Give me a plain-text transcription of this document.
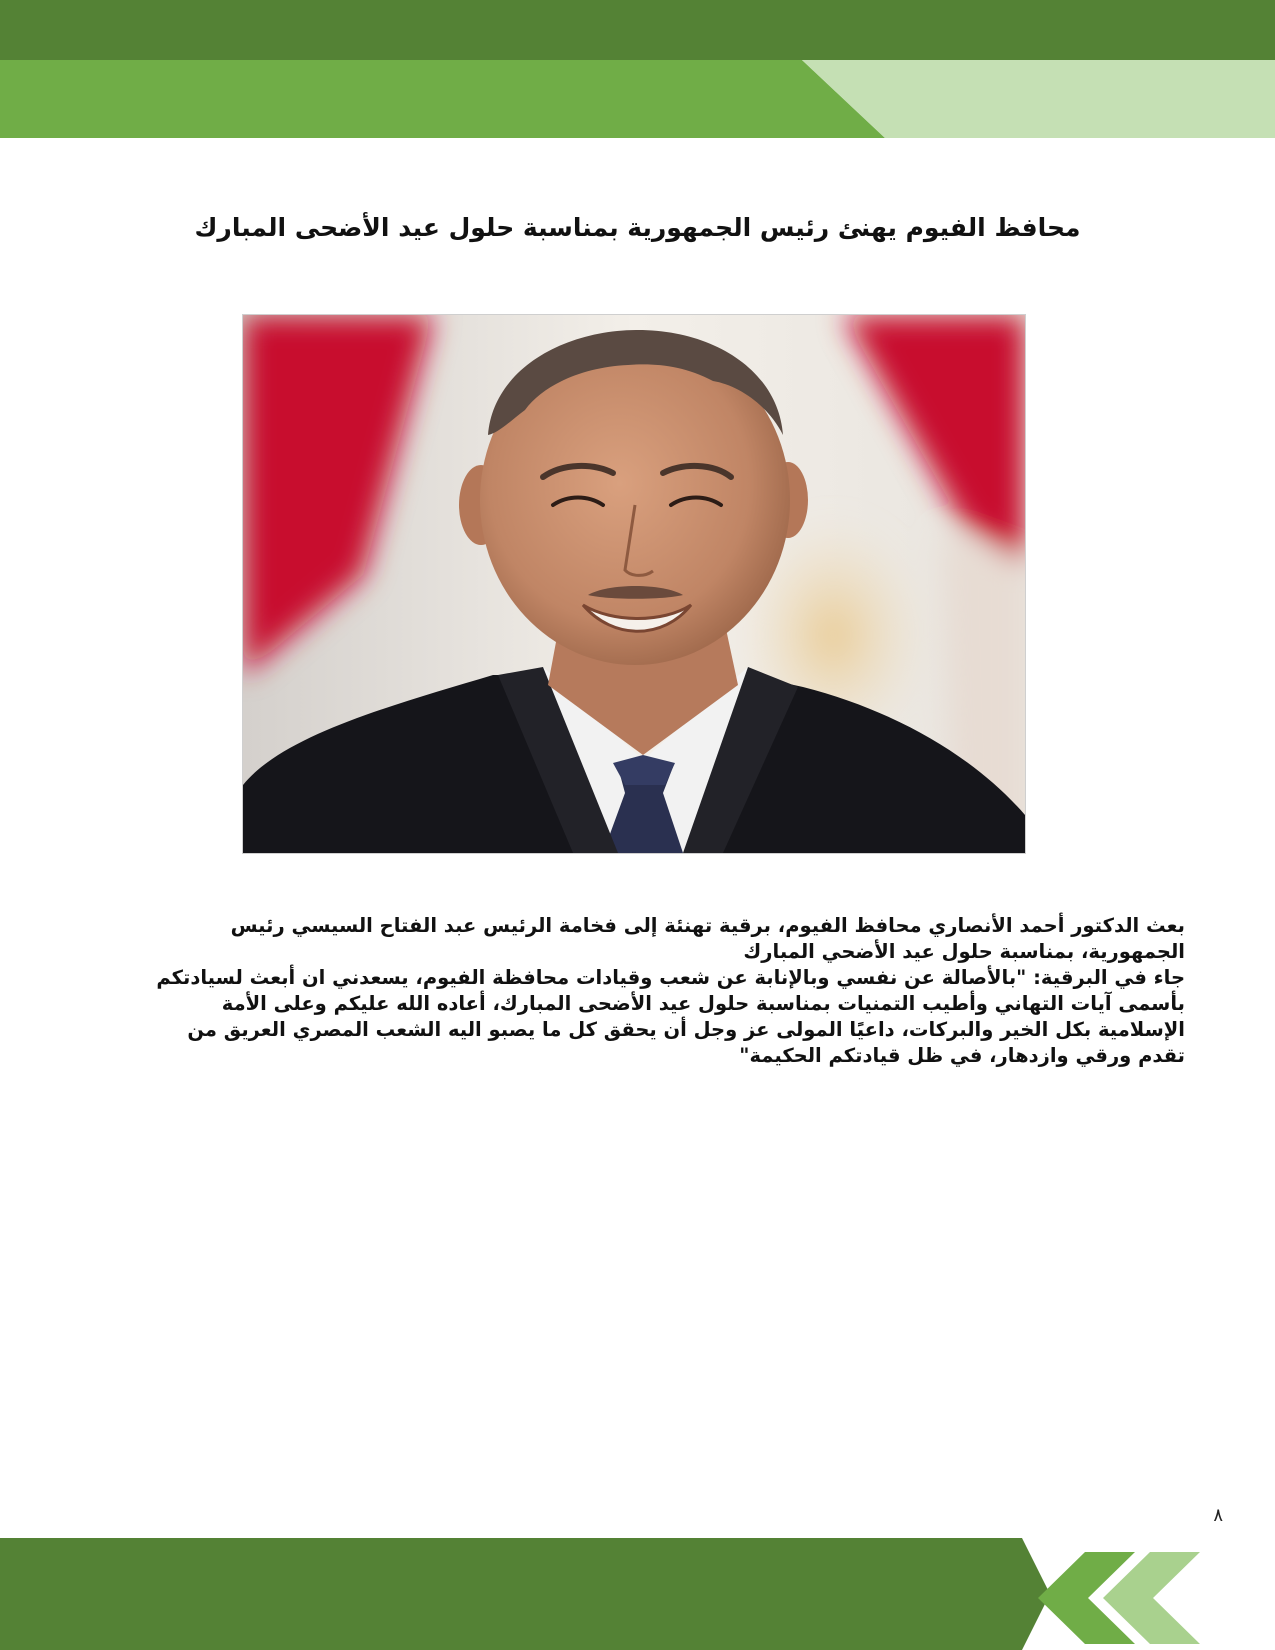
محافظ الفيوم يهنئ رئيس الجمهورية بمناسبة حلول عيد الأضحى المبارك

بعث الدكتور أحمد الأنصاري محافظ الفيوم، برقية تهنئة إلى فخامة الرئيس عبد الفتاح السيسي رئيس الجمهورية، بمناسبة حلول عيد الأضحي المبارك

جاء في البرقية: "بالأصالة عن نفسي وبالإنابة عن شعب وقيادات محافظة الفيوم، يسعدني ان أبعث لسيادتكم بأسمى آيات التهاني وأطيب التمنيات بمناسبة حلول عيد الأضحى المبارك، أعاده الله عليكم وعلى الأمة الإسلامية بكل الخير والبركات، داعيًا المولى عز وجل أن يحقق كل ما يصبو اليه الشعب المصري العريق من تقدم ورقي وازدهار، في ظل قيادتكم الحكيمة"

٨
